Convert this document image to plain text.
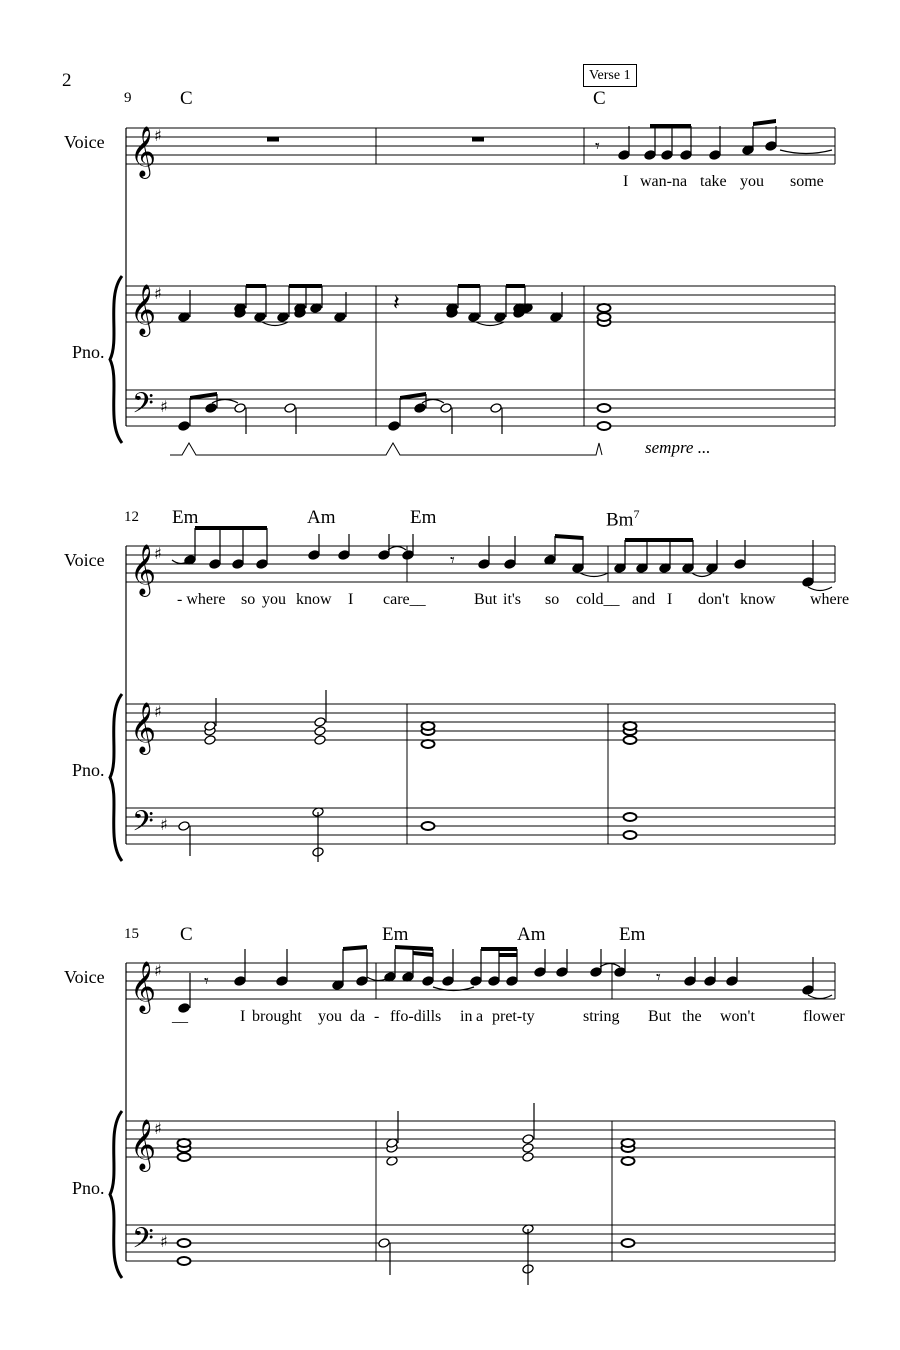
𝄞
𝄞
𝄢
♯
♯
♯
𝄞
𝄞
𝄢
♯
♯
♯
𝄞
𝄞
𝄢
♯
♯
♯
𝄾
𝄽
𝄾
𝄾	𝄾
2	Verse 1
9	C	C
Voice
Pno.
I wan-na take you some
sempre ...
12 Em	Am	Em	Bm$^7$
Voice
Pno.
- where so you know I care__	But it's so cold__ and I don't know where
15 C	Em	Am	Em
Voice
Pno.
__	I brought you da - ffo-dills in a pret-ty	string But the won't	flower
